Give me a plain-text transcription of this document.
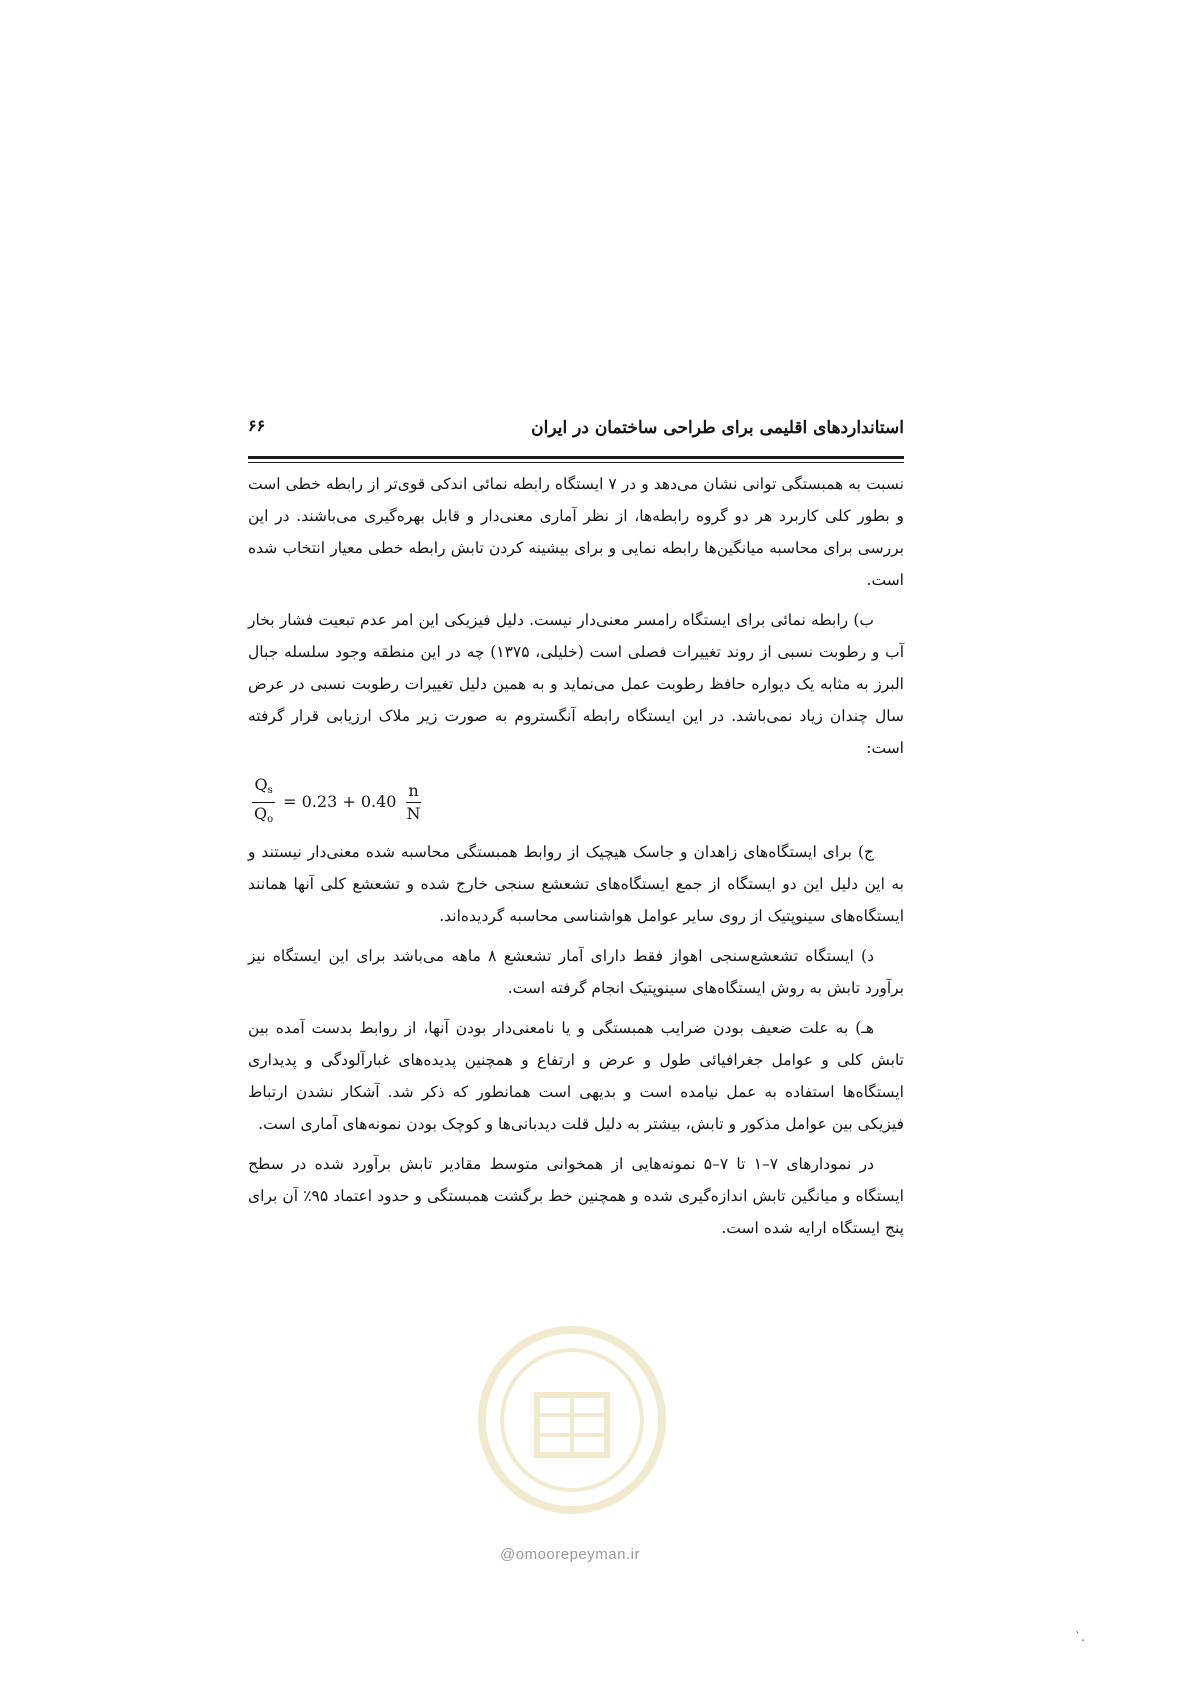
استانداردهای اقلیمی برای طراحی ساختمان در ایران
۶۶

نسبت به همبستگی توانی نشان می‌دهد و در ۷ ایستگاه رابطه نمائی اندکی قوی‌تر از رابطه خطی است و بطور کلی کاربرد هر دو گروه رابطه‌ها، از نظر آماری معنی‌دار و قابل بهره‌گیری می‌باشند. در این بررسی برای محاسبه میانگین‌ها رابطه نمایی و برای بیشینه کردن تابش رابطه خطی معیار انتخاب شده است.

ب) رابطه نمائی برای ایستگاه رامسر معنی‌دار نیست. دلیل فیزیکی این امر عدم تبعیت فشار بخار آب و رطوبت نسبی از روند تغییرات فصلی است (خلیلی، ۱۳۷۵) چه در این منطقه وجود سلسله جبال البرز به مثابه یک دیواره حافظ رطوبت عمل می‌نماید و به همین دلیل تغییرات رطوبت نسبی در عرض سال چندان زیاد نمی‌باشد. در این ایستگاه رابطه آنگستروم به صورت زیر ملاک ارزیابی قرار گرفته است:

$\frac{Q_s}{Q_o} = 0.23 + 0.40 \frac{n}{N}$

ج) برای ایستگاه‌های زاهدان و جاسک هیچیک از روابط همبستگی محاسبه شده معنی‌دار نیستند و به این دلیل این دو ایستگاه از جمع ایستگاه‌های تشعشع سنجی خارج شده و تشعشع کلی آنها همانند ایستگاه‌های سینوپتیک از روی سایر عوامل هواشناسی محاسبه گردیده‌اند.

د) ایستگاه تشعشع‌سنجی اهواز فقط دارای آمار تشعشع ۸ ماهه می‌باشد برای این ایستگاه نیز برآورد تابش به روش ایستگاه‌های سینوپتیک انجام گرفته است.

هـ) به علت ضعیف بودن ضرایب همبستگی و یا نامعنی‌دار بودن آنها، از روابط بدست آمده بین تابش کلی و عوامل جغرافیائی طول و عرض و ارتفاع و همچنین پدیده‌های غبارآلودگی و پدیداری ایستگاه‌ها استفاده به عمل نیامده است و بدیهی است همانطور که ذکر شد. آشکار نشدن ارتباط فیزیکی بین عوامل مذکور و تابش، بیشتر به دلیل قلت دیدبانی‌ها و کوچک بودن نمونه‌های آماری است.

در نمودارهای ۷–۱ تا ۷–۵ نمونه‌هایی از همخوانی متوسط مقادیر تابش برآورد شده در سطح ایستگاه و میانگین تابش اندازه‌گیری شده و همچنین خط برگشت همبستگی و حدود اعتماد ۹۵٪ آن برای پنج ایستگاه ارایه شده است.

@omoorepeyman.ir
ˋ.
